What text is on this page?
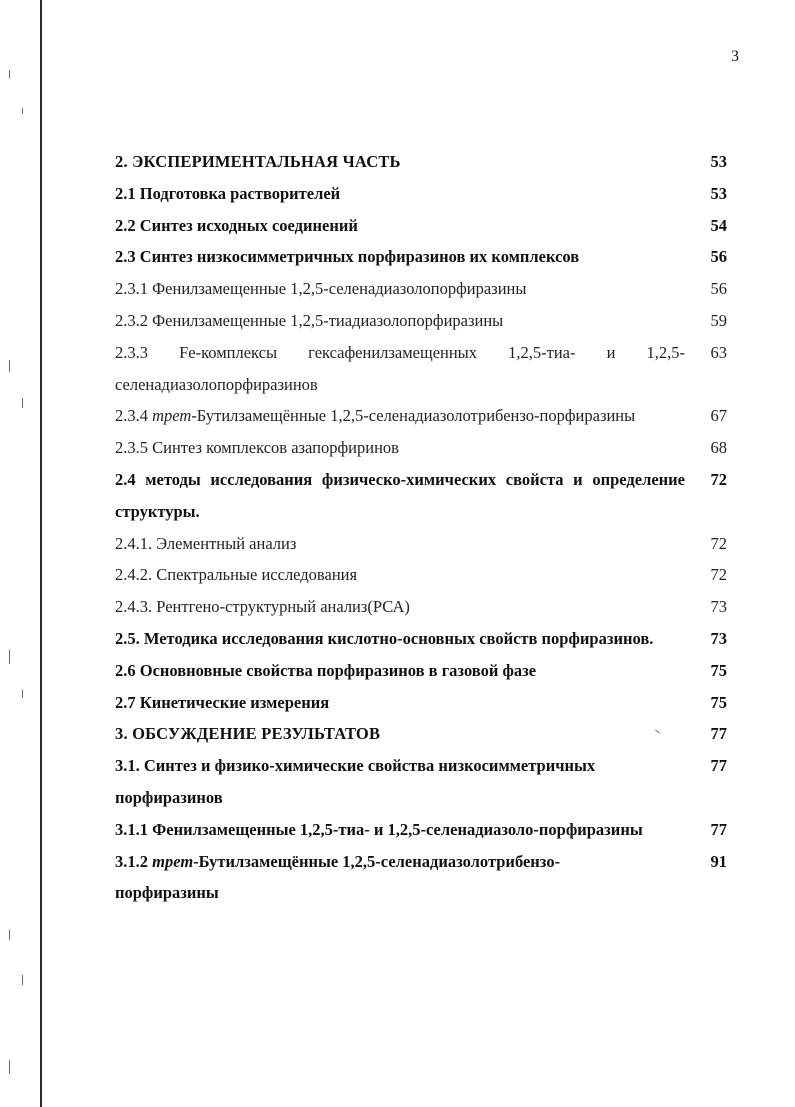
3
2. ЭКСПЕРИМЕНТАЛЬНАЯ ЧАСТЬ	53
2.1 Подготовка растворителей	53
2.2 Синтез исходных соединений	54
2.3 Синтез низкосимметричных порфиразинов их комплексов	56
2.3.1 Фенилзамещенные 1,2,5-селенадиазолопорфиразины	56
2.3.2 Фенилзамещенные 1,2,5-тиадиазолопорфиразины	59
2.3.3 Fe-комплексы гексафенилзамещенных 1,2,5-тиа- и 1,2,5-селенадиазолопорфиразинов
63
2.3.4 трет-Бутилзамещённые 1,2,5-селенадиазолотрибензо-порфиразины	67
2.3.5 Синтез комплексов азапорфиринов	68
2.4 методы исследования физическо-химических свойста и определение структуры.
72
2.4.1. Элементный анализ	72
2.4.2. Спектральные исследования	72
2.4.3. Рентгено-структурный анализ(РСА)	73
2.5. Методика исследования кислотно-основных свойств порфиразинов.	73
2.6 Основновные свойства порфиразинов в газовой фазе	75
2.7 Кинетические измерения	75
3. ОБСУЖДЕНИЕ РЕЗУЛЬТАТОВ	77
3.1. Синтез и физико-химические свойства низкосимметричных
порфиразинов
77
3.1.1 Фенилзамещенные 1,2,5-тиа- и 1,2,5-селенадиазоло-порфиразины	77
3.1.2 трет-Бутилзамещённые 1,2,5-селенадиазолотрибензо-
порфиразины
91
